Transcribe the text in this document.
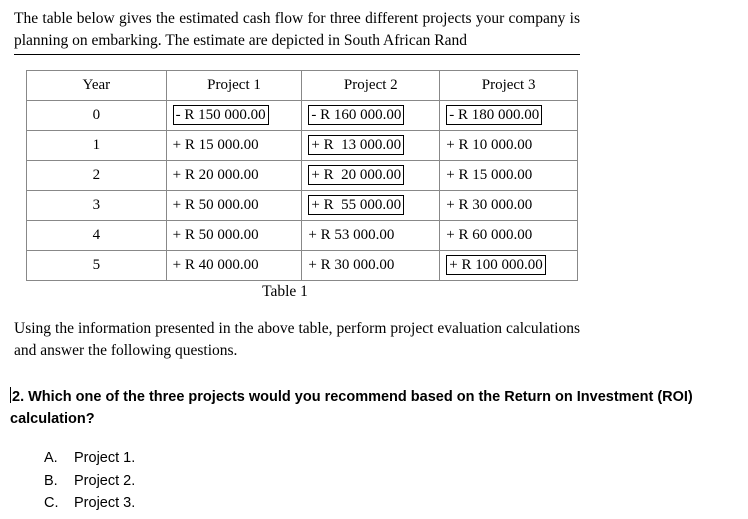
The table below gives the estimated cash flow for three different projects your company is planning on embarking. The estimate are depicted in South African Rand
Year	Project 1	Project 2	Project 3
0	- R 150 000.00	- R 160 000.00	- R 180 000.00
1	+ R 15 000.00	+ R  13 000.00	+ R 10 000.00
2	+ R 20 000.00	+ R  20 000.00	+ R 15 000.00
3	+ R 50 000.00	+ R  55 000.00	+ R 30 000.00
4	+ R 50 000.00	+ R 53 000.00	+ R 60 000.00
5	+ R 40 000.00	+ R 30 000.00	+ R 100 000.00
Table 1
Using the information presented in the above table, perform project evaluation calculations and answer the following questions.
2. Which one of the three projects would you recommend based on the Return on Investment (ROI) calculation?
A.	Project 1.
B.	Project 2.
C.	Project 3.
